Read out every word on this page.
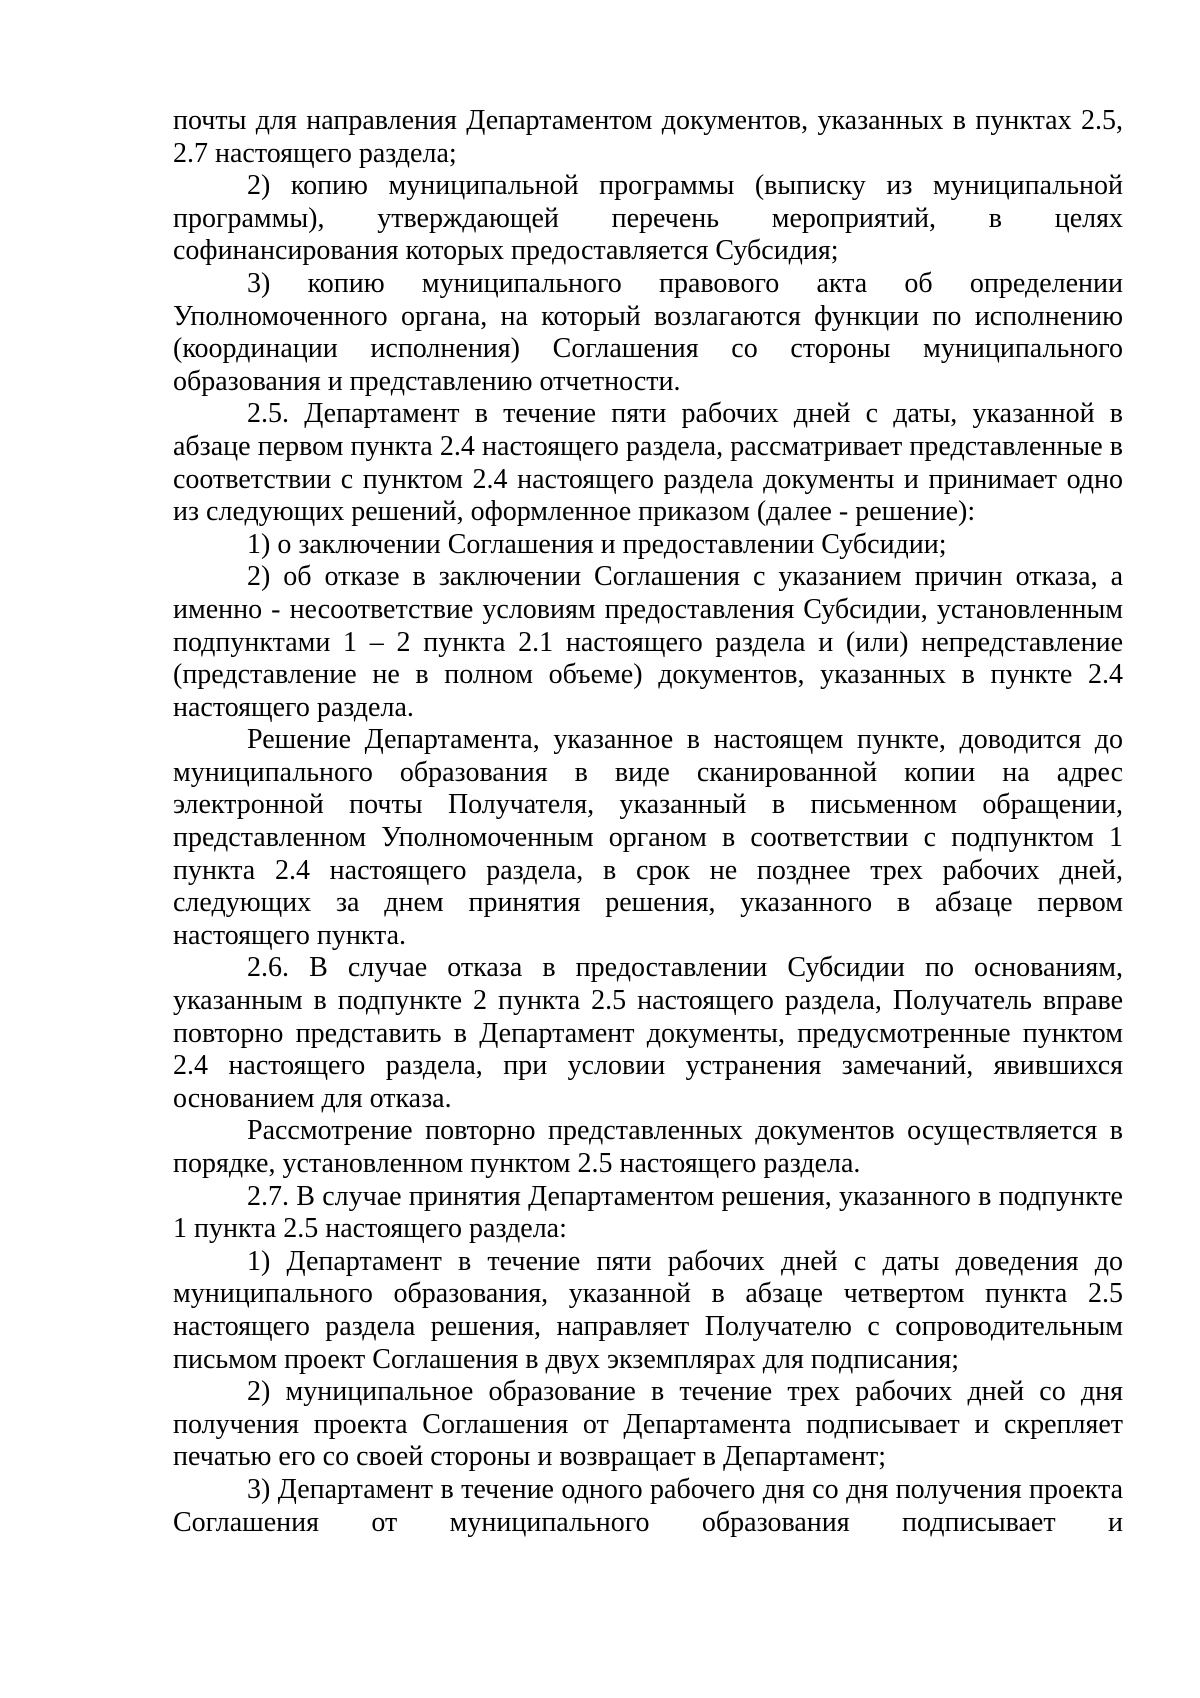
почты для направления Департаментом документов, указанных в пунктах 2.5, 2.7 настоящего раздела;

2) копию муниципальной программы (выписку из муниципальной программы), утверждающей перечень мероприятий, в целях софинансирования которых предоставляется Субсидия;

3) копию муниципального правового акта об определении Уполномоченного органа, на который возлагаются функции по исполнению (координации исполнения) Соглашения со стороны муниципального образования и представлению отчетности.

2.5. Департамент в течение пяти рабочих дней с даты, указанной в абзаце первом пункта 2.4 настоящего раздела, рассматривает представленные в соответствии с пунктом 2.4 настоящего раздела документы и принимает одно из следующих решений, оформленное приказом (далее - решение):

1) о заключении Соглашения и предоставлении Субсидии;

2) об отказе в заключении Соглашения с указанием причин отказа, а именно - несоответствие условиям предоставления Субсидии, установленным подпунктами 1 – 2 пункта 2.1 настоящего раздела и (или) непредставление (представление не в полном объеме) документов, указанных в пункте 2.4 настоящего раздела.

Решение Департамента, указанное в настоящем пункте, доводится до муниципального образования в виде сканированной копии на адрес электронной почты Получателя, указанный в письменном обращении, представленном Уполномоченным органом в соответствии с подпунктом 1 пункта 2.4 настоящего раздела, в срок не позднее трех рабочих дней, следующих за днем принятия решения, указанного в абзаце первом настоящего пункта.

2.6. В случае отказа в предоставлении Субсидии по основаниям, указанным в подпункте 2 пункта 2.5 настоящего раздела, Получатель вправе повторно представить в Департамент документы, предусмотренные пунктом 2.4 настоящего раздела, при условии устранения замечаний, явившихся основанием для отказа.

Рассмотрение повторно представленных документов осуществляется в порядке, установленном пунктом 2.5 настоящего раздела.

2.7. В случае принятия Департаментом решения, указанного в подпункте 1 пункта 2.5 настоящего раздела:

1) Департамент в течение пяти рабочих дней с даты доведения до муниципального образования, указанной в абзаце четвертом пункта 2.5 настоящего раздела решения, направляет Получателю с сопроводительным письмом проект Соглашения в двух экземплярах для подписания;

2) муниципальное образование в течение трех рабочих дней со дня получения проекта Соглашения от Департамента подписывает и скрепляет печатью его со своей стороны и возвращает в Департамент;

3) Департамент в течение одного рабочего дня со дня получения проекта Соглашения от муниципального образования подписывает и
